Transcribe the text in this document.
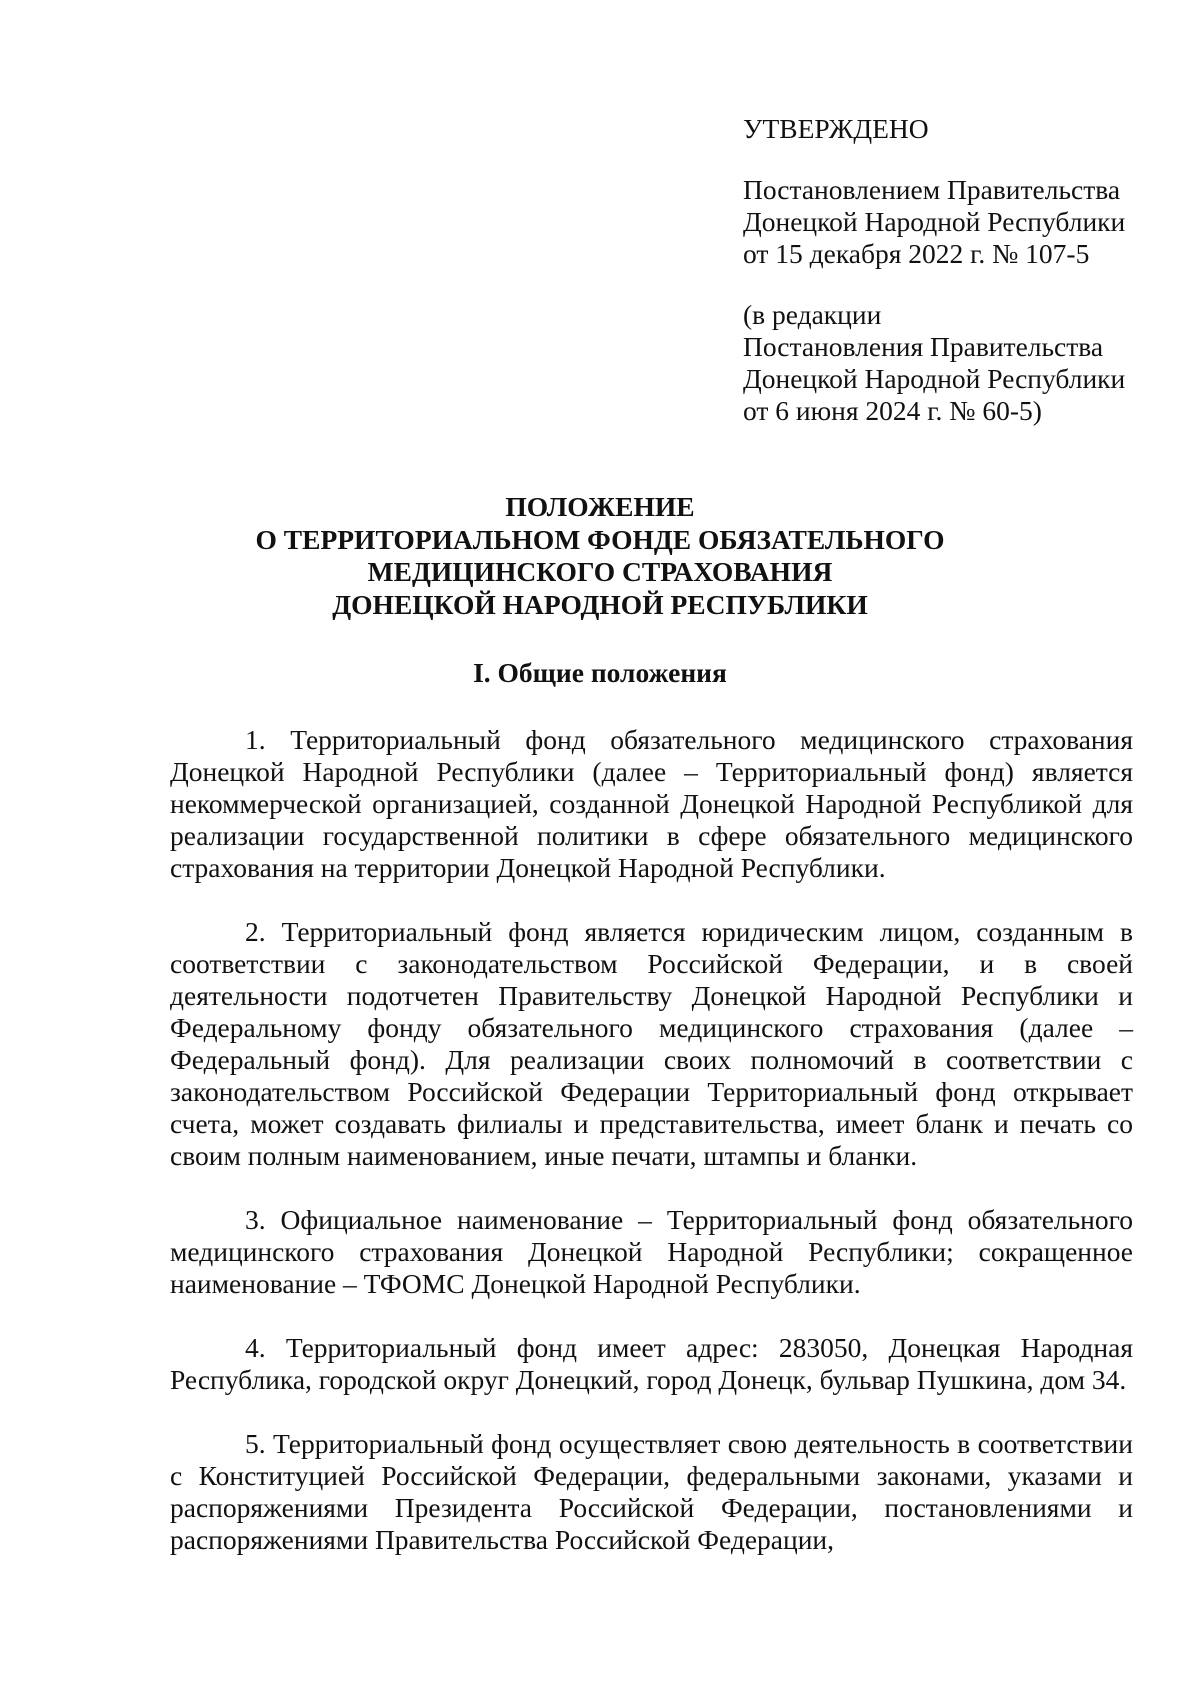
УТВЕРЖДЕНО

Постановлением Правительства
Донецкой Народной Республики
от 15 декабря 2022 г. № 107-5

(в редакции
Постановления Правительства
Донецкой Народной Республики
от 6 июня 2024 г. № 60-5)

ПОЛОЖЕНИЕ
О ТЕРРИТОРИАЛЬНОМ ФОНДЕ ОБЯЗАТЕЛЬНОГО
МЕДИЦИНСКОГО СТРАХОВАНИЯ
ДОНЕЦКОЙ НАРОДНОЙ РЕСПУБЛИКИ
I. Общие положения

1. Территориальный фонд обязательного медицинского страхования Донецкой Народной Республики (далее – Территориальный фонд) является некоммерческой организацией, созданной Донецкой Народной Республикой для реализации государственной политики в сфере обязательного медицинского страхования на территории Донецкой Народной Республики.

2. Территориальный фонд является юридическим лицом, созданным в соответствии с законодательством Российской Федерации, и в своей деятельности подотчетен Правительству Донецкой Народной Республики и Федеральному фонду обязательного медицинского страхования (далее – Федеральный фонд). Для реализации своих полномочий в соответствии с законодательством Российской Федерации Территориальный фонд открывает счета, может создавать филиалы и представительства, имеет бланк и печать со своим полным наименованием, иные печати, штампы и бланки.

3. Официальное наименование – Территориальный фонд обязательного медицинского страхования Донецкой Народной Республики; сокращенное наименование – ТФОМС Донецкой Народной Республики.

4. Территориальный фонд имеет адрес: 283050, Донецкая Народная Республика, городской округ Донецкий, город Донецк, бульвар Пушкина, дом 34.

5. Территориальный фонд осуществляет свою деятельность в соответствии с Конституцией Российской Федерации, федеральными законами, указами и распоряжениями Президента Российской Федерации, постановлениями и распоряжениями Правительства Российской Федерации,
